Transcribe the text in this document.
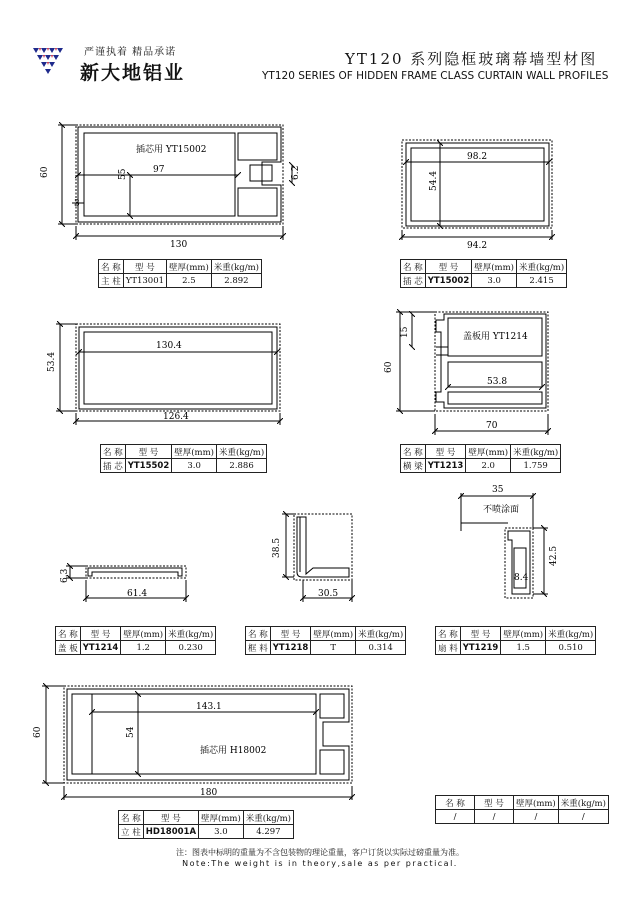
严谨执着 精品承诺
新大地铝业
YT120 系列隐框玻璃幕墙型材图
YT120 SERIES OF HIDDEN FRAME CLASS CURTAIN WALL PROFILES
60
130
97
55	6.2
3
插芯用 YT15002
98.2
54.4
94.2
130.4
53.4
126.4
60
15
53.8
70
盖板用 YT1214
6.3
61.4
38.5
30.5
35
42.5
8.4
不喷涂面
60
143.1
54
180
插芯用 H18002
名 称	型 号	壁厚(mm)	米重(kg/m)
主 柱	YT13001	2.5	2.892
名 称	型 号	壁厚(mm)	米重(kg/m)
插 芯	YT15002	3.0	2.415
名 称	型 号	壁厚(mm)	米重(kg/m)
插 芯	YT15502	3.0	2.886
名 称	型 号	壁厚(mm)	米重(kg/m)
横 梁	YT1213	2.0	1.759
名 称	型 号	壁厚(mm)	米重(kg/m)
盖 板	YT1214	1.2	0.230
名 称	型 号	壁厚(mm)	米重(kg/m)
框 料	YT1218	T	0.314
名 称	型 号	壁厚(mm)	米重(kg/m)
扇 料	YT1219	1.5	0.510
名 称	型 号	壁厚(mm)	米重(kg/m)
立 柱	HD18001A	3.0	4.297
名 称	型 号	壁厚(mm)	米重(kg/m)
/	/	/	/
注：图表中标明的重量为不含包装物的理论重量，客户订货以实际过磅重量为准。
Note:The weight is in theory,sale as per practical.
